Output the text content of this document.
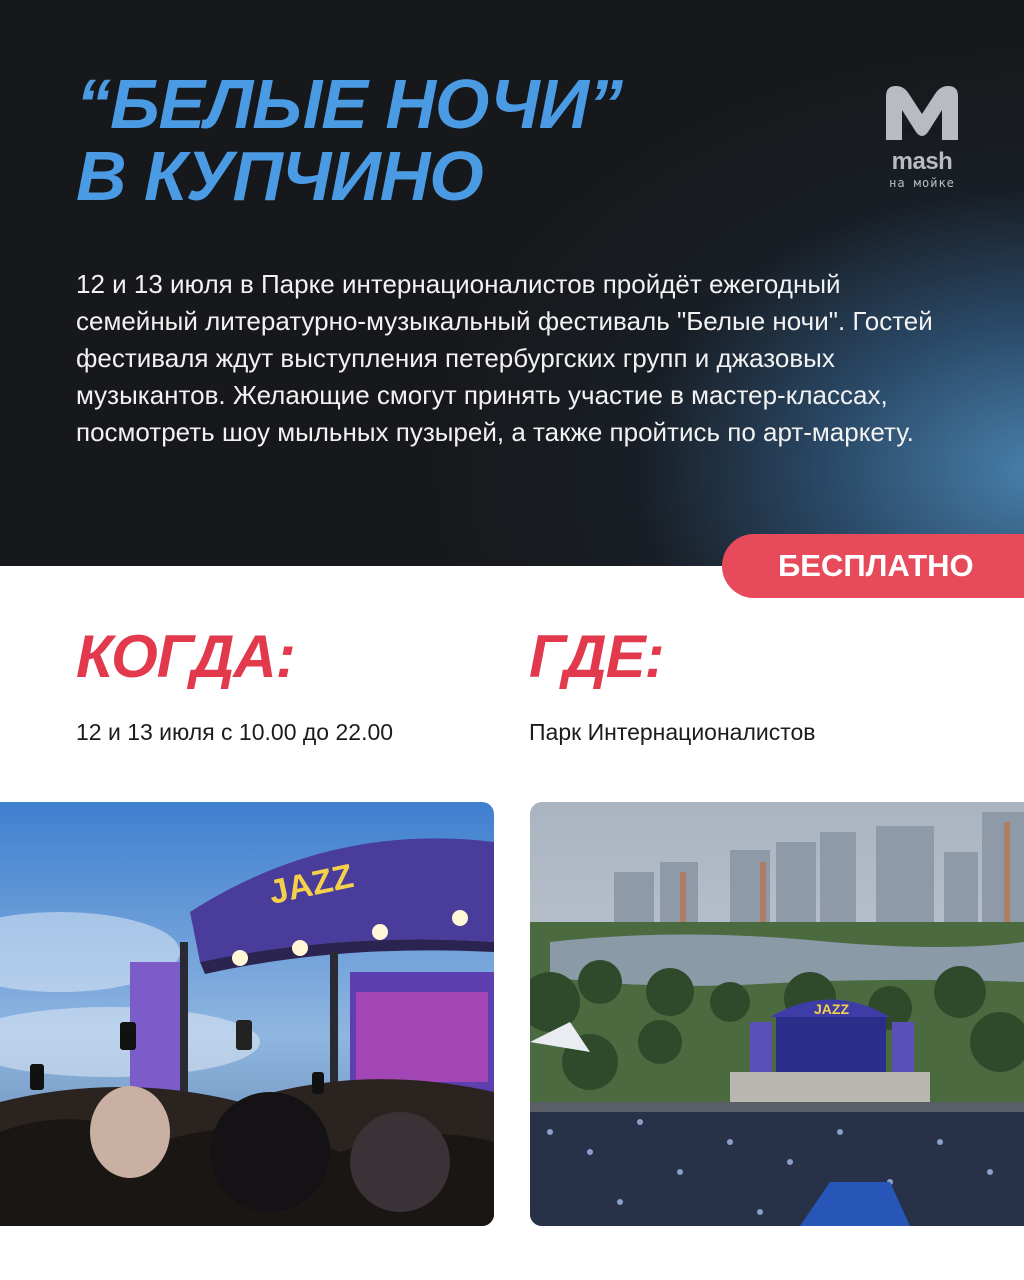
“БЕЛЫЕ НОЧИ”
В КУПЧИНО	mash
на мойке

12 и 13 июля в Парке интернационалистов пройдёт ежегодный семейный литературно-музыкальный фестиваль "Белые ночи". Гостей фестиваля ждут выступления петербургских групп и джазовых музыкантов. Желающие смогут принять участие в мастер-классах, посмотреть шоу мыльных пузырей, а также пройтись по арт-маркету.

БЕСПЛАТНО
КОГДА:
12 и 13 июля с 10.00 до 22.00
ГДЕ:
Парк Интернационалистов
JAZZ
JAZZ
